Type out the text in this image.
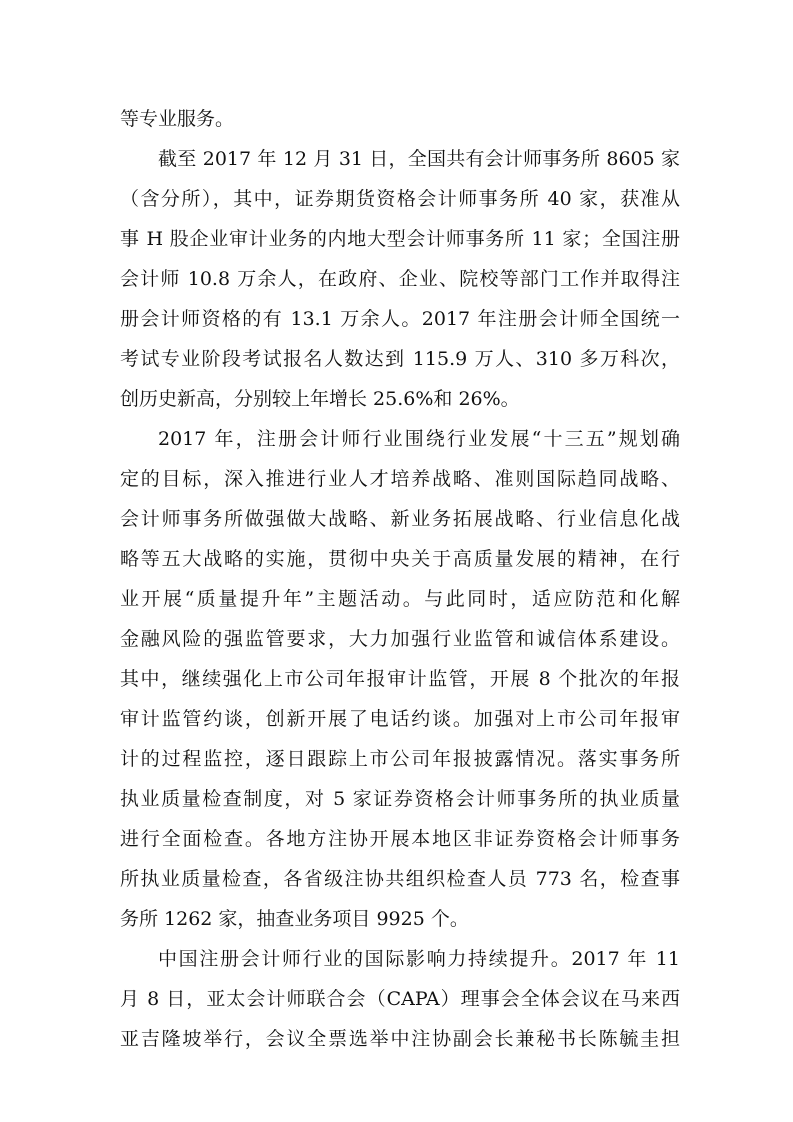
等专业服务。
截至 2017 年 12 月 31 日，全国共有会计师事务所 8605 家
（含分所），其中，证券期货资格会计师事务所 40 家，获准从
事 H 股企业审计业务的内地大型会计师事务所 11 家；全国注册
会计师 10.8 万余人，在政府、企业、院校等部门工作并取得注
册会计师资格的有 13.1 万余人。2017 年注册会计师全国统一
考试专业阶段考试报名人数达到 115.9 万人、310 多万科次，
创历史新高，分别较上年增长 25.6%和 26%。
2017 年，注册会计师行业围绕行业发展“十三五”规划确
定的目标，深入推进行业人才培养战略、准则国际趋同战略、
会计师事务所做强做大战略、新业务拓展战略、行业信息化战
略等五大战略的实施，贯彻中央关于高质量发展的精神，在行
业开展“质量提升年”主题活动。与此同时，适应防范和化解
金融风险的强监管要求，大力加强行业监管和诚信体系建设。
其中，继续强化上市公司年报审计监管，开展 8 个批次的年报
审计监管约谈，创新开展了电话约谈。加强对上市公司年报审
计的过程监控，逐日跟踪上市公司年报披露情况。落实事务所
执业质量检查制度，对 5 家证券资格会计师事务所的执业质量
进行全面检查。各地方注协开展本地区非证券资格会计师事务
所执业质量检查，各省级注协共组织检查人员 773 名，检查事
务所 1262 家，抽查业务项目 9925 个。
中国注册会计师行业的国际影响力持续提升。2017 年 11
月 8 日，亚太会计师联合会（CAPA）理事会全体会议在马来西
亚吉隆坡举行，会议全票选举中注协副会长兼秘书长陈毓圭担
